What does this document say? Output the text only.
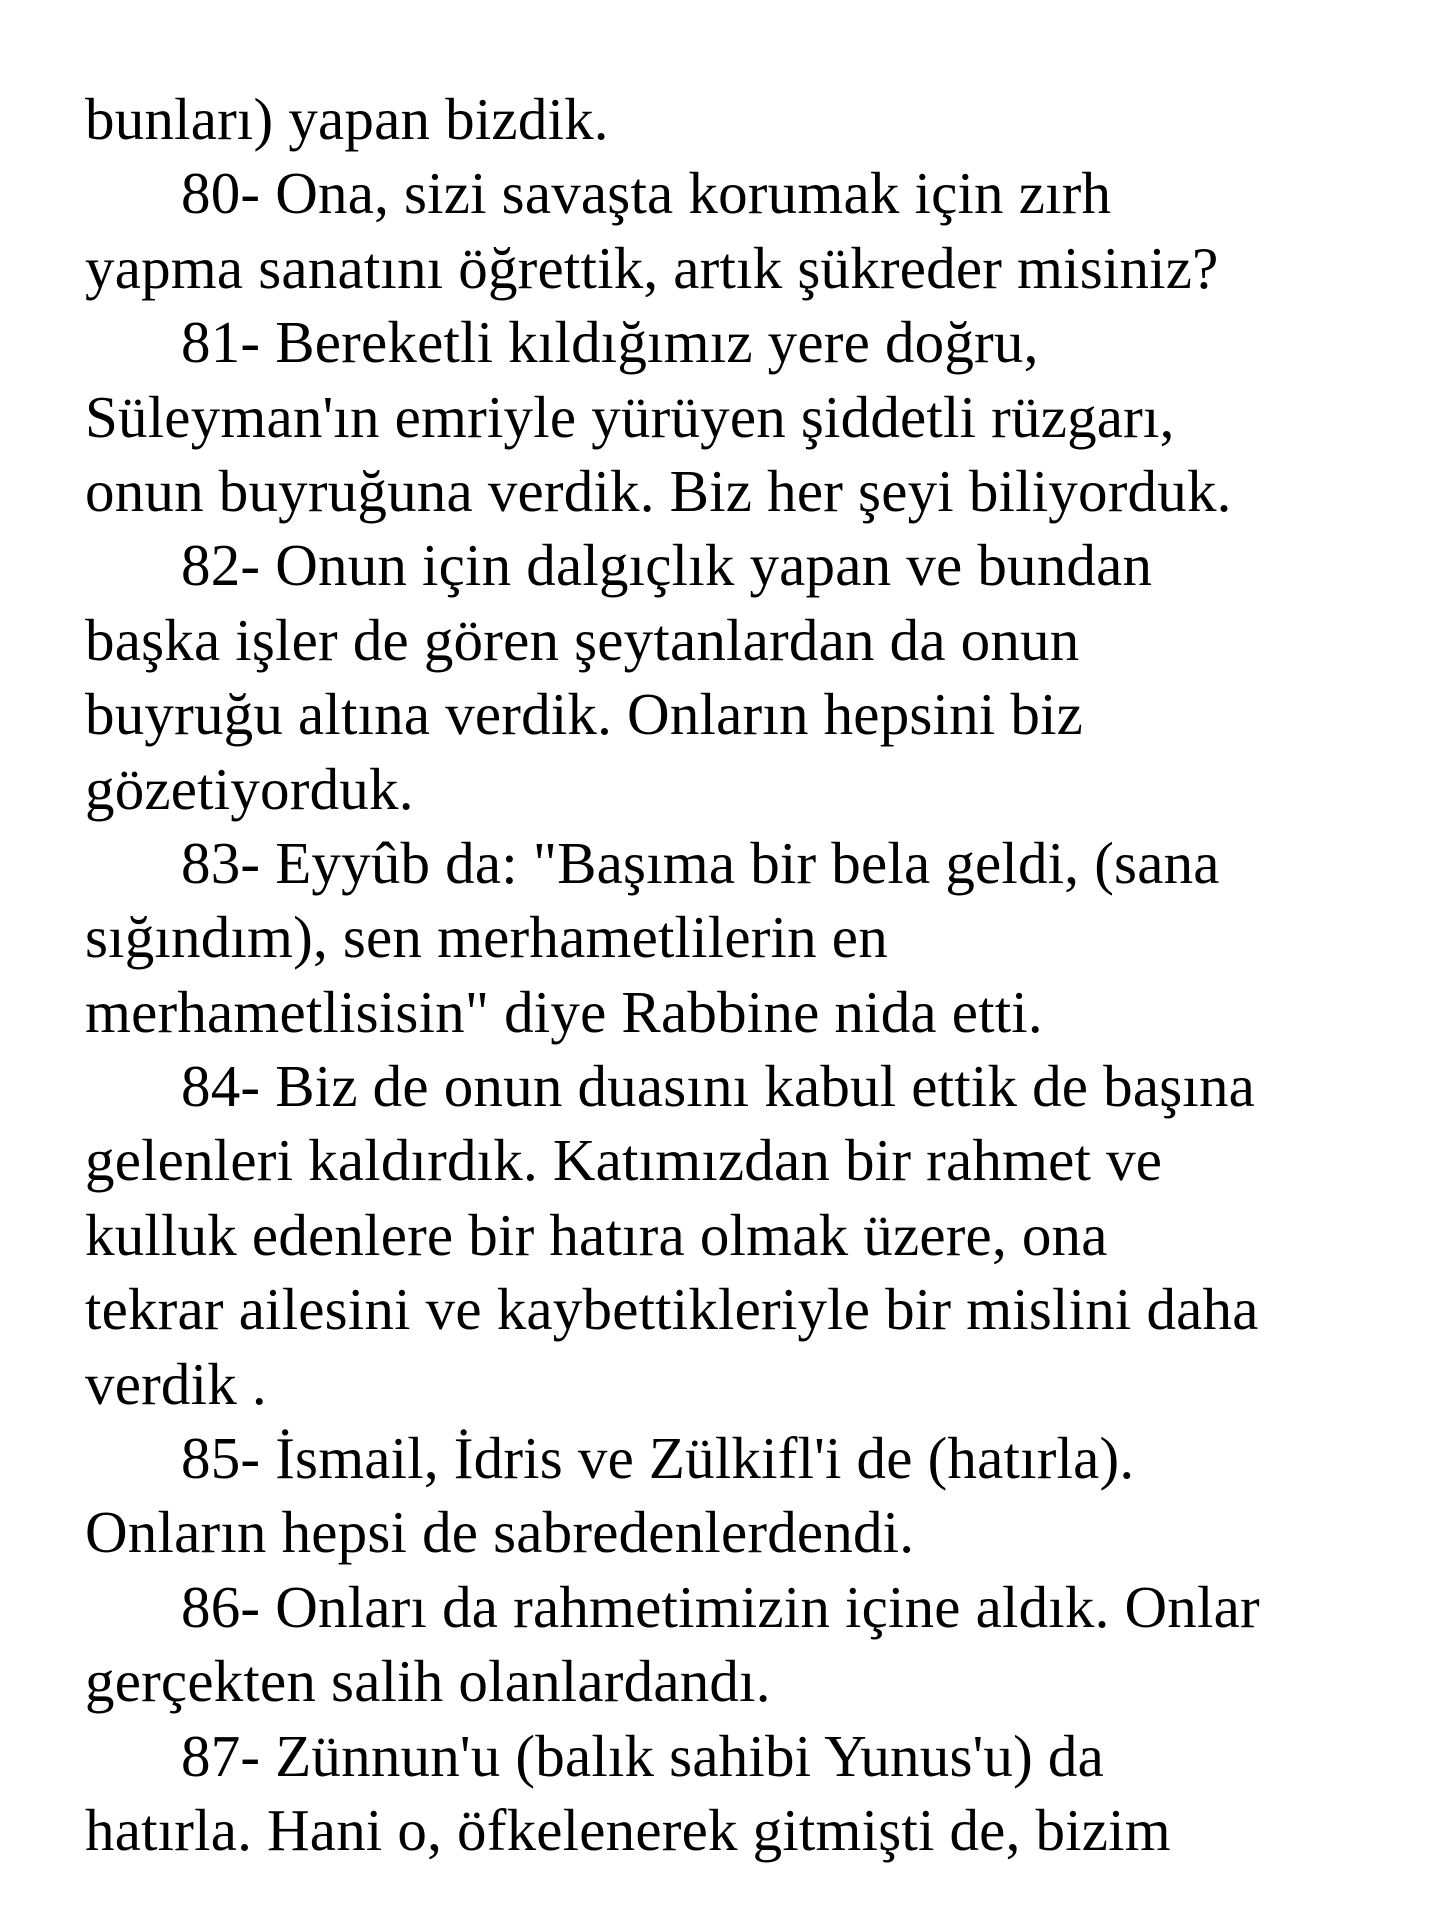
bunları) yapan bizdik.
80- Ona, sizi savaşta korumak için zırh
yapma sanatını öğrettik, artık şükreder misiniz?
81- Bereketli kıldığımız yere doğru,
Süleyman'ın emriyle yürüyen şiddetli rüzgarı,
onun buyruğuna verdik. Biz her şeyi biliyorduk.
82- Onun için dalgıçlık yapan ve bundan
başka işler de gören şeytanlardan da onun
buyruğu altına verdik. Onların hepsini biz
gözetiyorduk.
83- Eyyûb da: "Başıma bir bela geldi, (sana
sığındım), sen merhametlilerin en
merhametlisisin" diye Rabbine nida etti.
84- Biz de onun duasını kabul ettik de başına
gelenleri kaldırdık. Katımızdan bir rahmet ve
kulluk edenlere bir hatıra olmak üzere, ona
tekrar ailesini ve kaybettikleriyle bir mislini daha
verdik .
85- İsmail, İdris ve Zülkifl'i de (hatırla).
Onların hepsi de sabredenlerdendi.
86- Onları da rahmetimizin içine aldık. Onlar
gerçekten salih olanlardandı.
87- Zünnun'u (balık sahibi Yunus'u) da
hatırla. Hani o, öfkelenerek gitmişti de, bizim
